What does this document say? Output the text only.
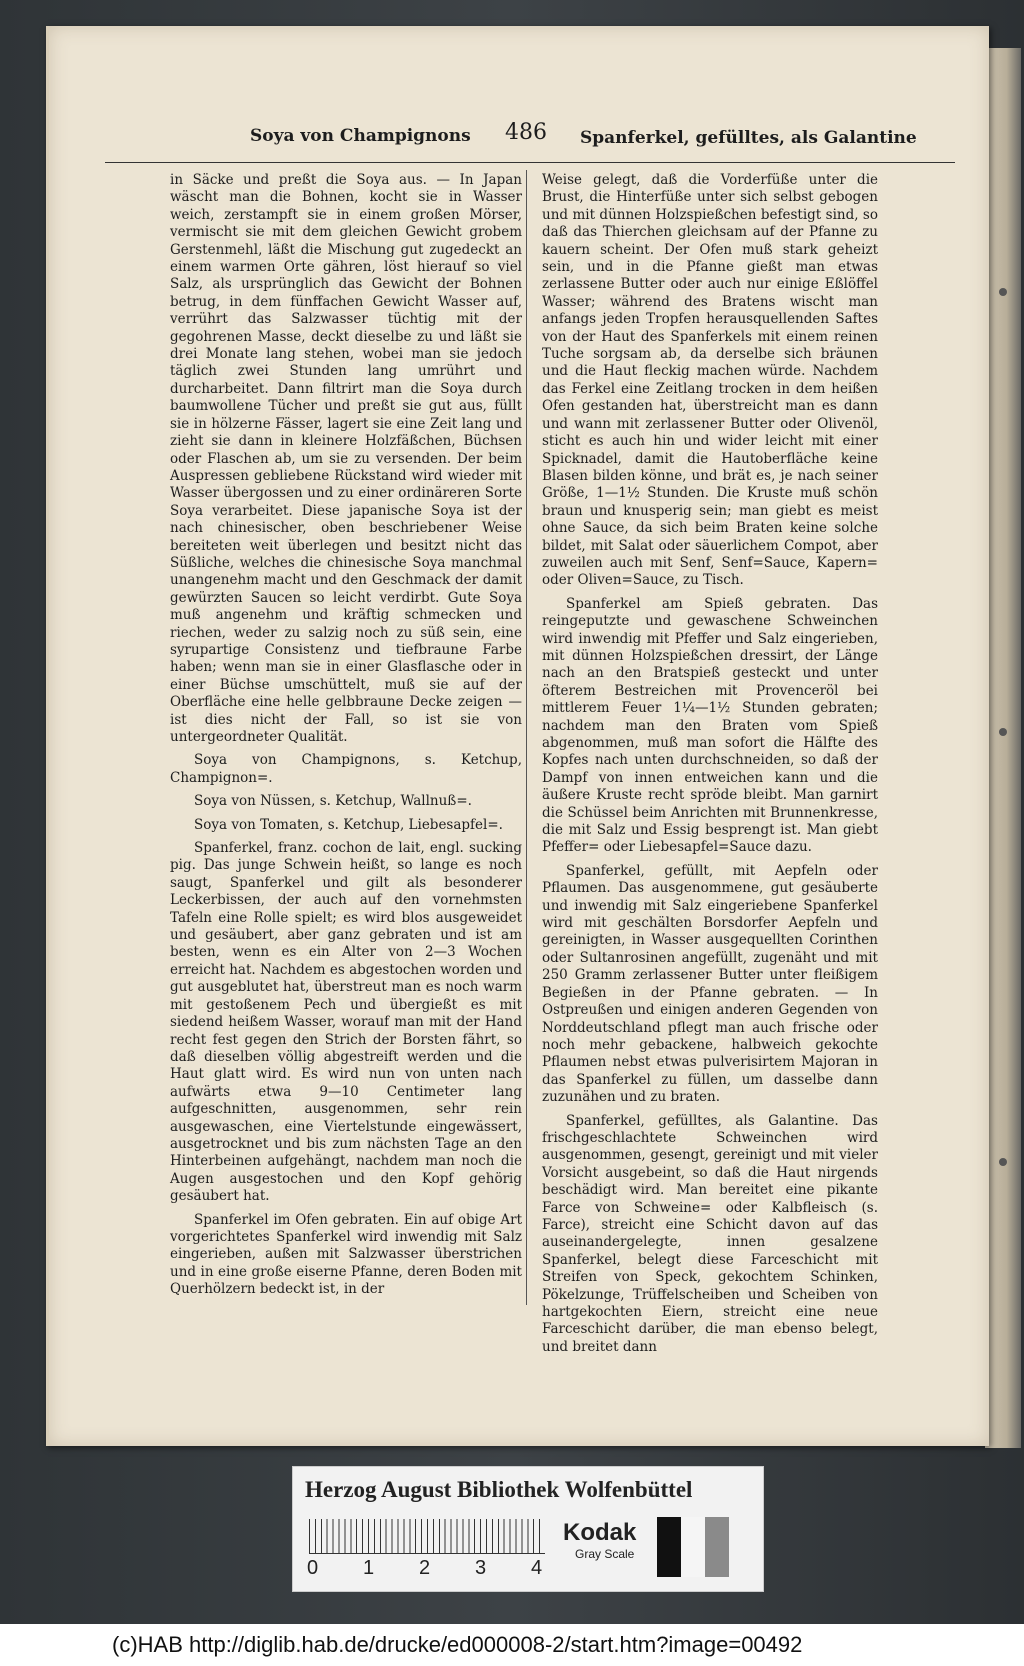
Soya von Champignons 486 Spanferkel, gefülltes, als Galantine

in Säcke und preßt die Soya aus. — In Japan wäscht man die Bohnen, kocht sie in Wasser weich, zerstampft sie in einem großen Mörser, vermischt sie mit dem gleichen Gewicht grobem Gerstenmehl, läßt die Mischung gut zugedeckt an einem warmen Orte gähren, löst hierauf so viel Salz, als ursprünglich das Gewicht der Bohnen betrug, in dem fünffachen Gewicht Wasser auf, verrührt das Salzwasser tüchtig mit der gegohrenen Masse, deckt dieselbe zu und läßt sie drei Monate lang stehen, wobei man sie jedoch täglich zwei Stunden lang umrührt und durcharbeitet. Dann filtrirt man die Soya durch baumwollene Tücher und preßt sie gut aus, füllt sie in hölzerne Fässer, lagert sie eine Zeit lang und zieht sie dann in kleinere Holzfäßchen, Büchsen oder Flaschen ab, um sie zu versenden. Der beim Auspressen gebliebene Rückstand wird wieder mit Wasser übergossen und zu einer ordinäreren Sorte Soya verarbeitet. Diese japanische Soya ist der nach chinesischer, oben beschriebener Weise bereiteten weit überlegen und besitzt nicht das Süßliche, welches die chinesische Soya manchmal unangenehm macht und den Geschmack der damit gewürzten Saucen so leicht verdirbt. Gute Soya muß angenehm und kräftig schmecken und riechen, weder zu salzig noch zu süß sein, eine syrupartige Consistenz und tiefbraune Farbe haben; wenn man sie in einer Glasflasche oder in einer Büchse umschüttelt, muß sie auf der Oberfläche eine helle gelbbraune Decke zeigen — ist dies nicht der Fall, so ist sie von untergeordneter Qualität.

Soya von Champignons, s. Ketchup, Champignon=.

Soya von Nüssen, s. Ketchup, Wallnuß=.

Soya von Tomaten, s. Ketchup, Liebesapfel=.

Spanferkel, franz. cochon de lait, engl. sucking pig. Das junge Schwein heißt, so lange es noch saugt, Spanferkel und gilt als besonderer Leckerbissen, der auch auf den vornehmsten Tafeln eine Rolle spielt; es wird blos ausgeweidet und gesäubert, aber ganz gebraten und ist am besten, wenn es ein Alter von 2—3 Wochen erreicht hat. Nachdem es abgestochen worden und gut ausgeblutet hat, überstreut man es noch warm mit gestoßenem Pech und übergießt es mit siedend heißem Wasser, worauf man mit der Hand recht fest gegen den Strich der Borsten fährt, so daß dieselben völlig abgestreift werden und die Haut glatt wird. Es wird nun von unten nach aufwärts etwa 9—10 Centimeter lang aufgeschnitten, ausgenommen, sehr rein ausgewaschen, eine Viertelstunde eingewässert, ausgetrocknet und bis zum nächsten Tage an den Hinterbeinen aufgehängt, nachdem man noch die Augen ausgestochen und den Kopf gehörig gesäubert hat.

Spanferkel im Ofen gebraten. Ein auf obige Art vorgerichtetes Spanferkel wird inwendig mit Salz eingerieben, außen mit Salzwasser überstrichen und in eine große eiserne Pfanne, deren Boden mit Querhölzern bedeckt ist, in der

Weise gelegt, daß die Vorderfüße unter die Brust, die Hinterfüße unter sich selbst gebogen und mit dünnen Holzspießchen befestigt sind, so daß das Thierchen gleichsam auf der Pfanne zu kauern scheint. Der Ofen muß stark geheizt sein, und in die Pfanne gießt man etwas zerlassene Butter oder auch nur einige Eßlöffel Wasser; während des Bratens wischt man anfangs jeden Tropfen herausquellenden Saftes von der Haut des Spanferkels mit einem reinen Tuche sorgsam ab, da derselbe sich bräunen und die Haut fleckig machen würde. Nachdem das Ferkel eine Zeitlang trocken in dem heißen Ofen gestanden hat, überstreicht man es dann und wann mit zerlassener Butter oder Olivenöl, sticht es auch hin und wider leicht mit einer Spicknadel, damit die Hautoberfläche keine Blasen bilden könne, und brät es, je nach seiner Größe, 1—1½ Stunden. Die Kruste muß schön braun und knusperig sein; man giebt es meist ohne Sauce, da sich beim Braten keine solche bildet, mit Salat oder säuerlichem Compot, aber zuweilen auch mit Senf, Senf=Sauce, Kapern= oder Oliven=Sauce, zu Tisch.

Spanferkel am Spieß gebraten. Das reingeputzte und gewaschene Schweinchen wird inwendig mit Pfeffer und Salz eingerieben, mit dünnen Holzspießchen dressirt, der Länge nach an den Bratspieß gesteckt und unter öfterem Bestreichen mit Provenceröl bei mittlerem Feuer 1¼—1½ Stunden gebraten; nachdem man den Braten vom Spieß abgenommen, muß man sofort die Hälfte des Kopfes nach unten durchschneiden, so daß der Dampf von innen entweichen kann und die äußere Kruste recht spröde bleibt. Man garnirt die Schüssel beim Anrichten mit Brunnenkresse, die mit Salz und Essig besprengt ist. Man giebt Pfeffer= oder Liebesapfel=Sauce dazu.

Spanferkel, gefüllt, mit Aepfeln oder Pflaumen. Das ausgenommene, gut gesäuberte und inwendig mit Salz eingeriebene Spanferkel wird mit geschälten Borsdorfer Aepfeln und gereinigten, in Wasser ausgequellten Corinthen oder Sultanrosinen angefüllt, zugenäht und mit 250 Gramm zerlassener Butter unter fleißigem Begießen in der Pfanne gebraten. — In Ostpreußen und einigen anderen Gegenden von Norddeutschland pflegt man auch frische oder noch mehr gebackene, halbweich gekochte Pflaumen nebst etwas pulverisirtem Majoran in das Spanferkel zu füllen, um dasselbe dann zuzunähen und zu braten.

Spanferkel, gefülltes, als Galantine. Das frischgeschlachtete Schweinchen wird ausgenommen, gesengt, gereinigt und mit vieler Vorsicht ausgebeint, so daß die Haut nirgends beschädigt wird. Man bereitet eine pikante Farce von Schweine= oder Kalbfleisch (s. Farce), streicht eine Schicht davon auf das auseinandergelegte, innen gesalzene Spanferkel, belegt diese Farceschicht mit Streifen von Speck, gekochtem Schinken, Pökelzunge, Trüffelscheiben und Scheiben von hartgekochten Eiern, streicht eine neue Farceschicht darüber, die man ebenso belegt, und breitet dann

Herzog August Bibliothek Wolfenbüttel
0 1 2 3 4
Kodak
Gray Scale
(c)HAB http://diglib.hab.de/drucke/ed000008-2/start.htm?image=00492
